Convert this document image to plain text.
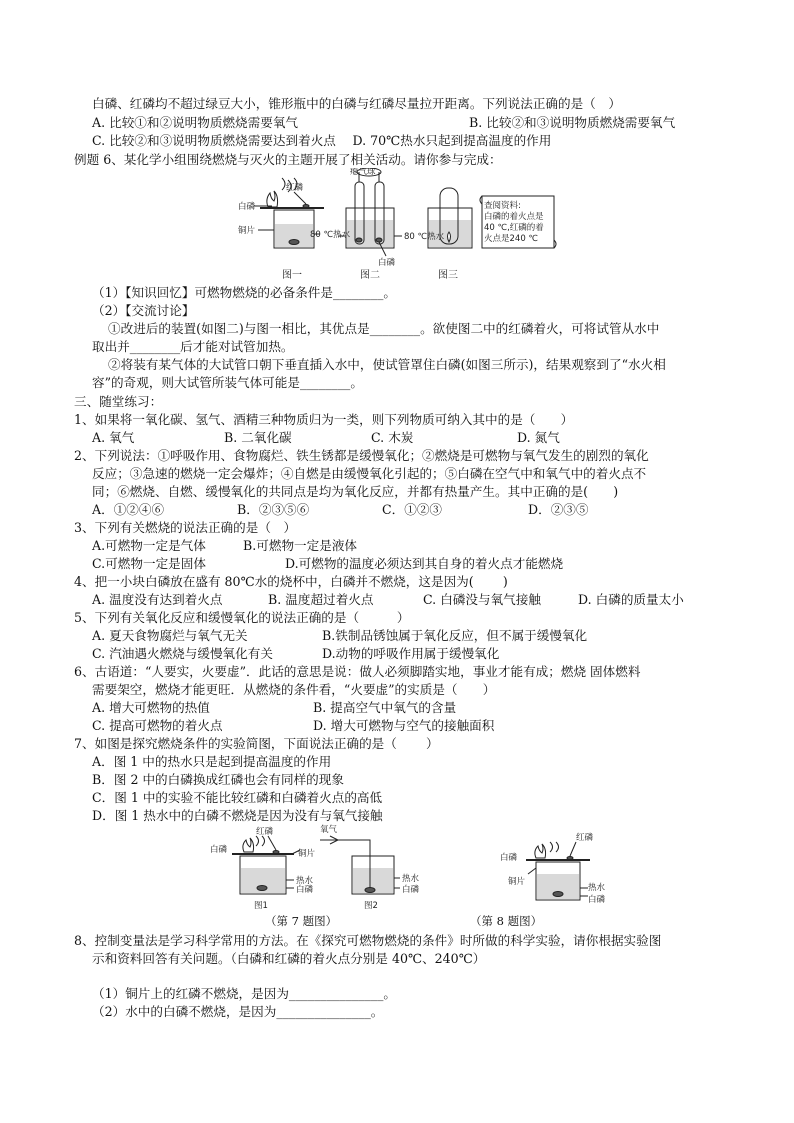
白磷、红磷均不超过绿豆大小，锥形瓶中的白磷与红磷尽量拉开距离。下列说法正确的是（　）
A. 比较①和②说明物质燃烧需要氧气	B. 比较②和③说明物质燃烧需要氧气
C. 比较②和③说明物质燃烧需要达到着火点　 D. 70℃热水只起到提高温度的作用
例题 6、某化学小组围绕燃烧与灭火的主题开展了相关活动。请你参与完成：
白磷
红磷
铜片	80 ℃热水
瘪气球
80 ℃热水
白磷
查阅资料:
白磷的着火点是
40 ℃,红磷的着
火点是240 ℃
图一	图二	图三
（1）【知识回忆】可燃物燃烧的必备条件是________。
（2）【交流讨论】
①改进后的装置(如图二)与图一相比，其优点是________。欲使图二中的红磷着火，可将试管从水中
取出并________后才能对试管加热。
②将装有某气体的大试管口朝下垂直插入水中，使试管罩住白磷(如图三所示)，结果观察到了“水火相
容”的奇观，则大试管所装气体可能是________。
三、随堂练习：
1、如果将一氧化碳、氢气、酒精三种物质归为一类，则下列物质可纳入其中的是（　　）
A. 氧气	B. 二氧化碳	C. 木炭	D. 氮气
2、下列说法：①呼吸作用、食物腐烂、铁生锈都是缓慢氧化；②燃烧是可燃物与氧气发生的剧烈的氧化
反应；③急速的燃烧一定会爆炸；④自燃是由缓慢氧化引起的；⑤白磷在空气中和氧气中的着火点不
同；⑥燃烧、自燃、缓慢氧化的共同点是均为氧化反应，并都有热量产生。其中正确的是(　　)
A．①②④⑥	B．②③⑤⑥	C．①②③	D．②③⑤
3、下列有关燃烧的说法正确的是（　）
A.可燃物一定是气体	B.可燃物一定是液体
C.可燃物一定是固体	D.可燃物的温度必须达到其自身的着火点才能燃烧
4、把一小块白磷放在盛有 80℃水的烧杯中，白磷并不燃烧，这是因为(　　 )
A. 温度没有达到着火点	B. 温度超过着火点	C. 白磷没与氧气接触	D. 白磷的质量太小
5、下列有关氧化反应和缓慢氧化的说法正确的是（　　　）
A. 夏天食物腐烂与氧气无关	B.铁制品锈蚀属于氧化反应，但不属于缓慢氧化
C. 汽油遇火燃烧与缓慢氧化有关	D.动物的呼吸作用属于缓慢氧化
6、古语道：“人要实，火要虚”．此话的意思是说：做人必须脚踏实地，事业才能有成；燃烧 固体燃料
需要架空，燃烧才能更旺．从燃烧的条件看，“火要虚”的实质是（　　）
A. 增大可燃物的热值	B. 提高空气中氧气的含量
C. 提高可燃物的着火点	D. 增大可燃物与空气的接触面积
7、如图是探究燃烧条件的实验简图，下面说法正确的是（　　 ）
A．图 1 中的热水只是起到提高温度的作用
B．图 2 中的白磷换成红磷也会有同样的现象
C．图 1 中的实验不能比较红磷和白磷着火点的高低
D．图 1 热水中的白磷不燃烧是因为没有与氧气接触
红磷
白磷	铜片
热水
白磷
氧气
热水
白磷
图1	图2
红磷
白磷
铜片
热水
白磷
（第 7 题图）	（第 8 题图）
8、控制变量法是学习科学常用的方法。在《探究可燃物燃烧的条件》时所做的科学实验，请你根据实验图
示和资料回答有关问题。（白磷和红磷的着火点分别是 40℃、240℃）
（1）铜片上的红磷不燃烧，是因为_______________。
（2）水中的白磷不燃烧，是因为_______________。
